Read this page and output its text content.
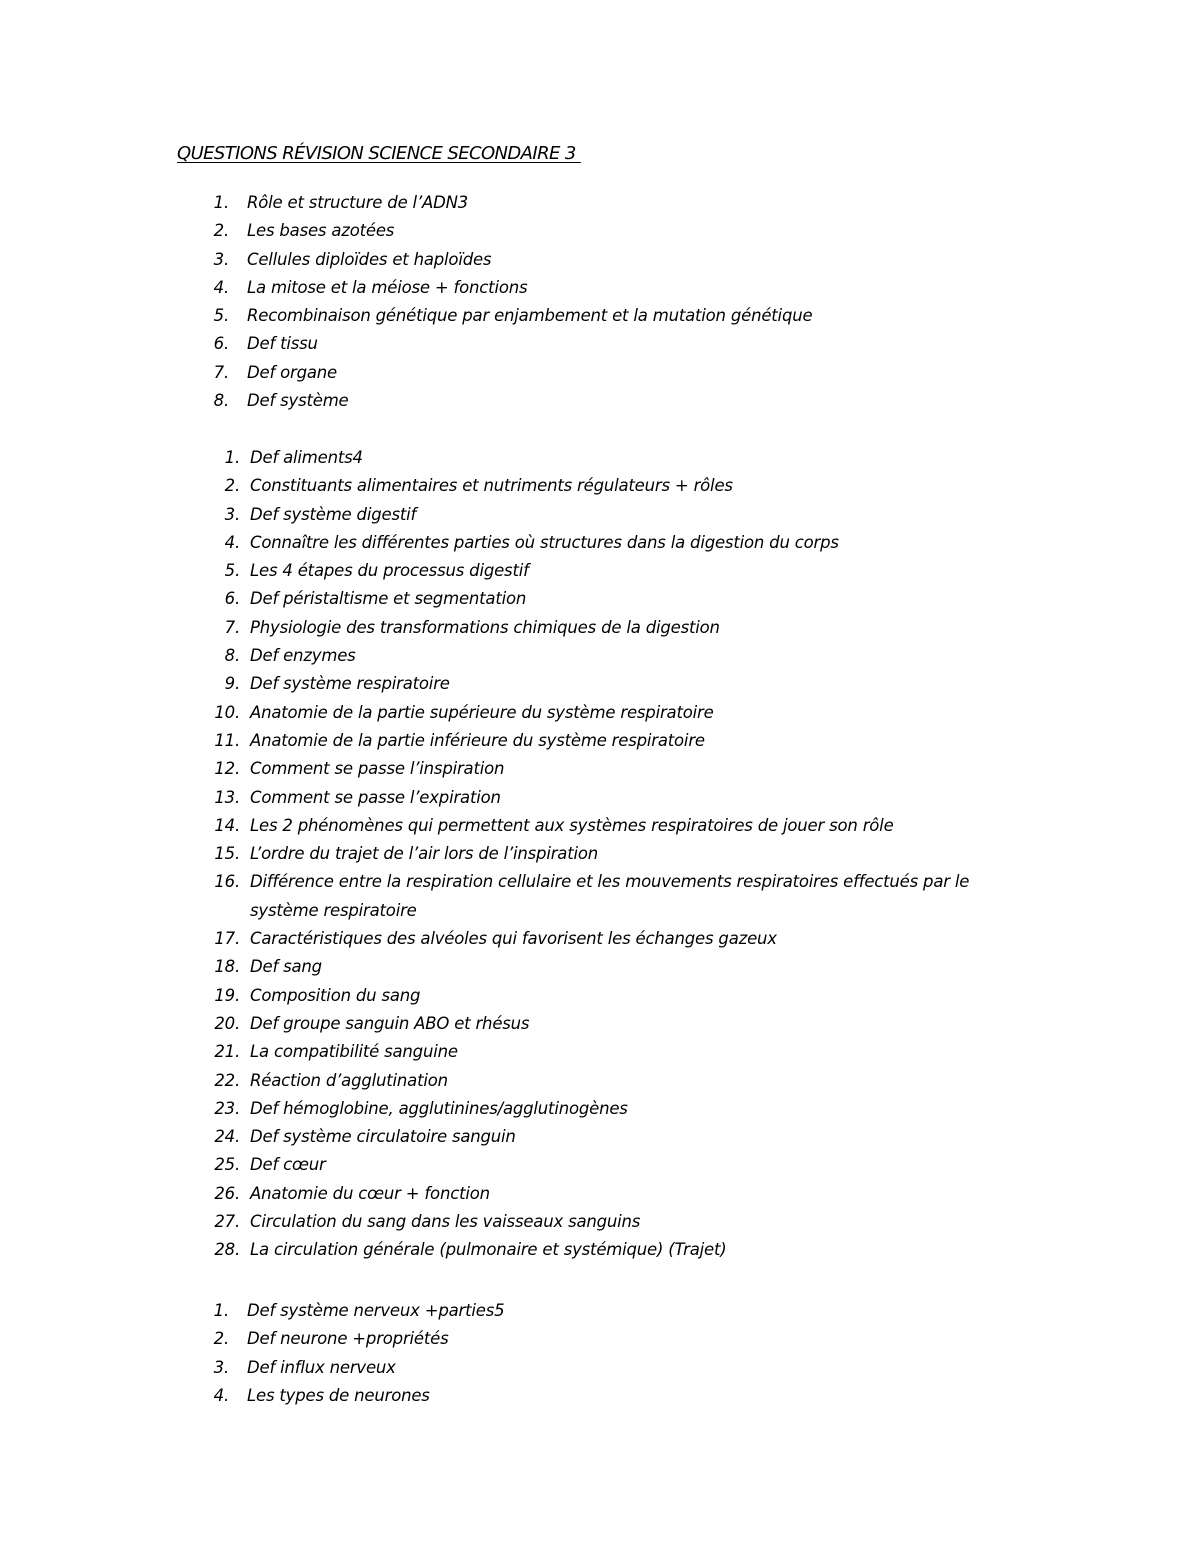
QUESTIONS RÉVISION SCIENCE SECONDAIRE 3
1. Rôle et structure de l’ADN3
2. Les bases azotées
3. Cellules diploïdes et haploïdes
4. La mitose et la méiose + fonctions
5. Recombinaison génétique par enjambement et la mutation génétique
6. Def tissu
7. Def organe
8. Def système
1. Def aliments4
2. Constituants alimentaires et nutriments régulateurs + rôles
3. Def système digestif
4. Connaître les différentes parties où structures dans la digestion du corps
5. Les 4 étapes du processus digestif
6. Def péristaltisme et segmentation
7. Physiologie des transformations chimiques de la digestion
8. Def enzymes
9. Def système respiratoire
10. Anatomie de la partie supérieure du système respiratoire
11. Anatomie de la partie inférieure du système respiratoire
12. Comment se passe l’inspiration
13. Comment se passe l’expiration
14. Les 2 phénomènes qui permettent aux systèmes respiratoires de jouer son rôle
15. L’ordre du trajet de l’air lors de l’inspiration
16. Différence entre la respiration cellulaire et les mouvements respiratoires effectués par le
système respiratoire
17. Caractéristiques des alvéoles qui favorisent les échanges gazeux
18. Def sang
19. Composition du sang
20. Def groupe sanguin ABO et rhésus
21. La compatibilité sanguine
22. Réaction d’agglutination
23. Def hémoglobine, agglutinines/agglutinogènes
24. Def système circulatoire sanguin
25. Def cœur
26. Anatomie du cœur + fonction
27. Circulation du sang dans les vaisseaux sanguins
28. La circulation générale (pulmonaire et systémique) (Trajet)
1. Def système nerveux +parties5
2. Def neurone +propriétés
3. Def influx nerveux
4. Les types de neurones
